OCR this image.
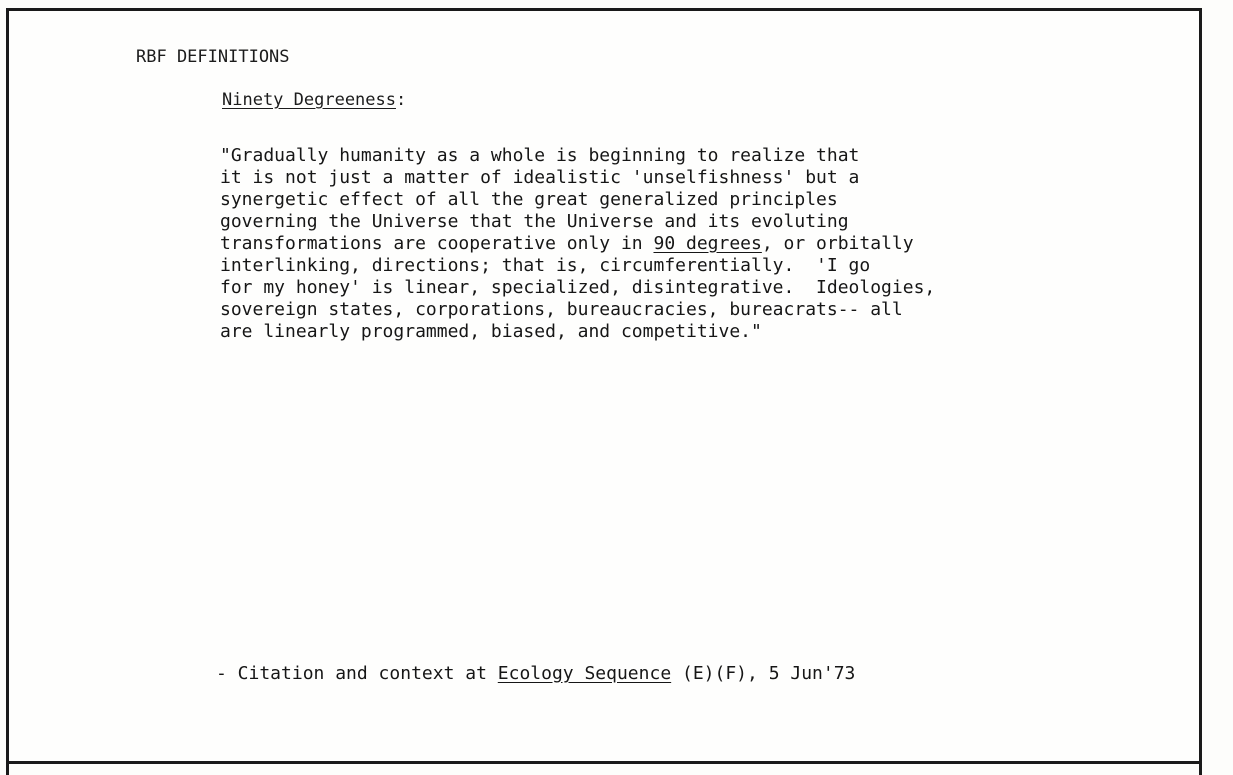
RBF DEFINITIONS
Ninety Degreeness:
"Gradually humanity as a whole is beginning to realize that
it is not just a matter of idealistic 'unselfishness' but a
synergetic effect of all the great generalized principles
governing the Universe that the Universe and its evoluting
transformations are cooperative only in 90 degrees, or orbitally
interlinking, directions; that is, circumferentially.  'I go
for my honey' is linear, specialized, disintegrative.  Ideologies,
sovereign states, corporations, bureaucracies, bureacrats-- all
are linearly programmed, biased, and competitive."
- Citation and context at Ecology Sequence (E)(F), 5 Jun'73
